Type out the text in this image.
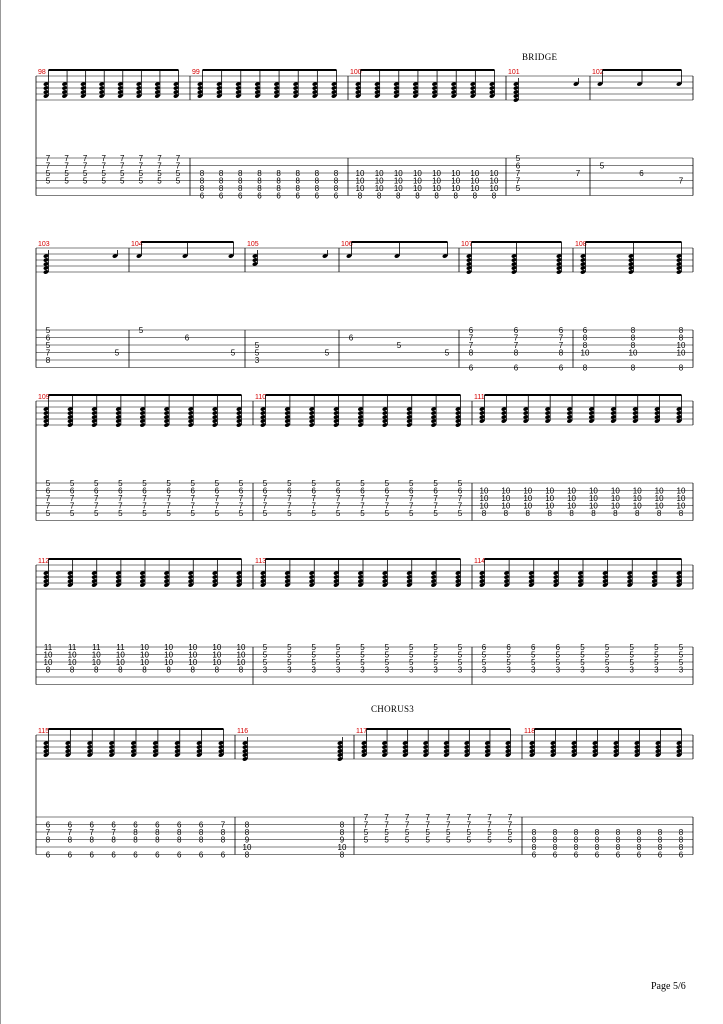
BRIDGE
CHORUS3
98
7
7
5
5
7
7
5
5
7
7
5
5
7
7
5
5
7
7
5
5
7
7
5
5
7
7
5
5
7
7
5
5
99
8
8
8
6
8
8
8
6
8
8
8
6
8
8
8
6
8
8
8
6
8
8
8
6
8
8
8
6
8
8
8
6
100
10
10
10
8
10
10
10
8
10
10
10
8
10
10
10
8
10
10
10
8
10
10
10
8
10
10
10
8
10
10
10
8
101
5
6
7
7
5
7
102
5
6
7
103
5
6
5
7
8
5
104
5
6
5
105
5
5
3
5
106
6
5
5
107
6
7
7
8
6
6
7
7
8
6
6
7
7
8
6
108
6
8
8
10
8
8
8
8
10
8
8
8
10
10
8
109
5
6
7
7
5
5
6
7
7
5
5
6
7
7
5
5
6
7
7
5
5
6
7
7
5
5
6
7
7
5
5
6
7
7
5
5
6
7
7
5
5
6
7
7
5
110
5
6
7
7
5
5
6
7
7
5
5
6
7
7
5
5
6
7
7
5
5
6
7
7
5
5
6
7
7
5
5
6
7
7
5
5
6
7
7
5
5
6
7
7
5
111
10
10
10
8
10
10
10
8
10
10
10
8
10
10
10
8
10
10
10
8
10
10
10
8
10
10
10
8
10
10
10
8
10
10
10
8
10
10
10
8
112
11
10
10
8
11
10
10
8
11
10
10
8
11
10
10
8
10
10
10
8
10
10
10
8
10
10
10
8
10
10
10
8
10
10
10
8
113
5
5
5
3
5
5
5
3
5
5
5
3
5
5
5
3
5
5
5
3
5
5
5
3
5
5
5
3
5
5
5
3
5
5
5
3
114
6
5
5
3
6
5
5
3
6
5
5
3
6
5
5
3
5
5
5
3
5
5
5
3
5
5
5
3
5
5
5
3
5
5
5
3
115
6
7
8
6
6
7
8
6
6
7
8
6
6
7
8
6
6
8
8
6
6
8
8
6
6
8
8
6
6
8
8
6
7
8
8
6
116
8
8
9
10
8
8
8
9
10
8
117
7
7
5
5
7
7
5
5
7
7
5
5
7
7
5
5
7
7
5
5
7
7
5
5
7
7
5
5
7
7
5
5
118
8
8
8
6
8
8
8
6
8
8
8
6
8
8
8
6
8
8
8
6
8
8
8
6
8
8
8
6
8
8
8
6
Page 5/6
